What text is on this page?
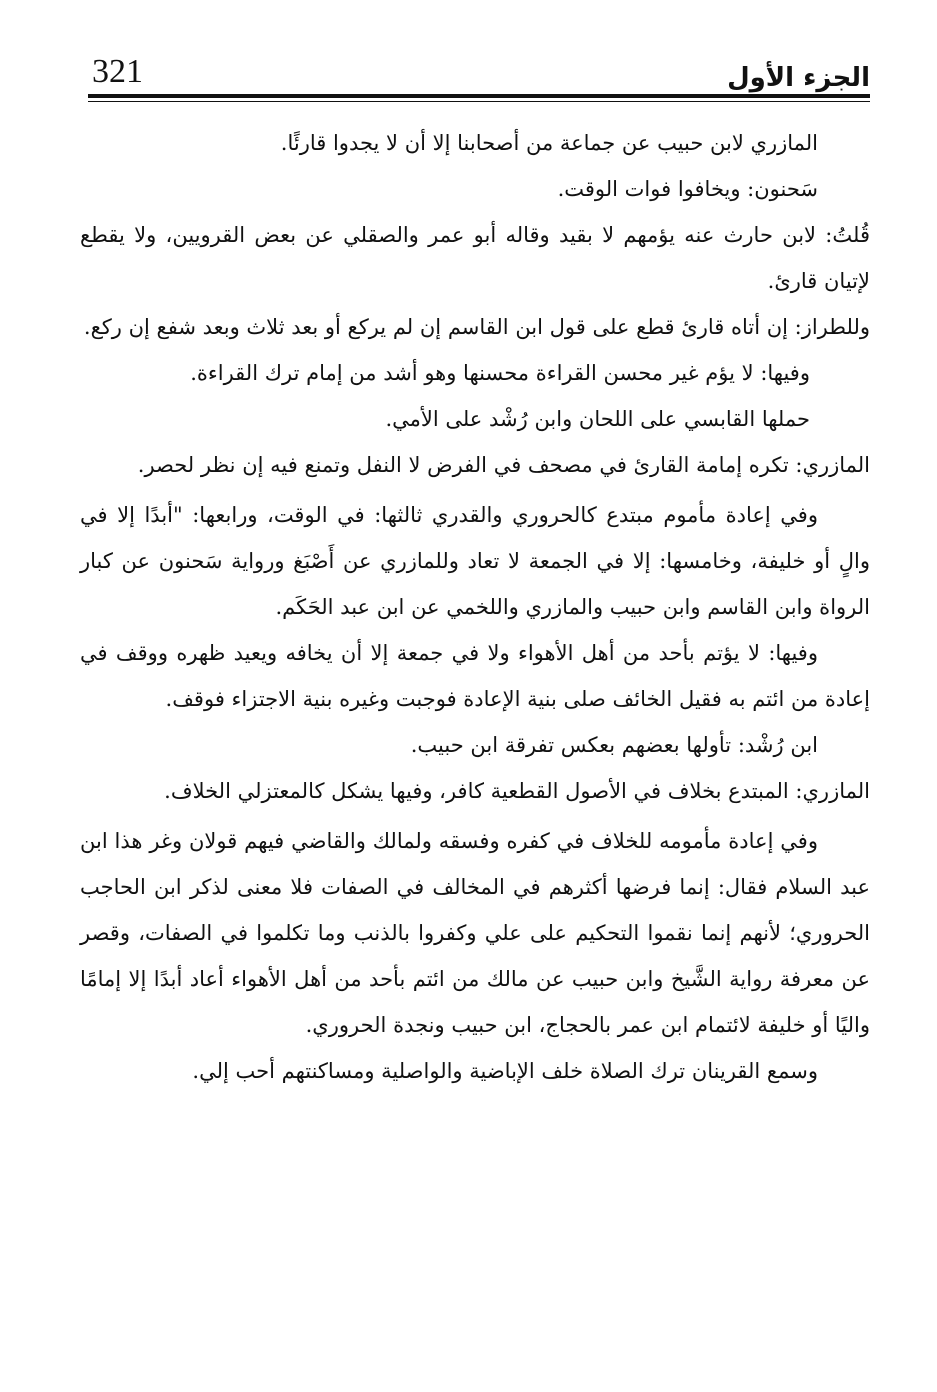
321	الجزء الأول

المازري لابن حبيب عن جماعة من أصحابنا إلا أن لا يجدوا قارئًا.

سَحنون: ويخافوا فوات الوقت.

قُلتُ: لابن حارث عنه يؤمهم لا بقيد وقاله أبو عمر والصقلي عن بعض القرويين، ولا يقطع لإتيان قارئ.

وللطراز: إن أتاه قارئ قطع على قول ابن القاسم إن لم يركع أو بعد ثلاث وبعد شفع إن ركع.

وفيها: لا يؤم غير محسن القراءة محسنها وهو أشد من إمام ترك القراءة.

حملها القابسي على اللحان وابن رُشْد على الأمي.

المازري: تكره إمامة القارئ في مصحف في الفرض لا النفل وتمنع فيه إن نظر لحصر.

وفي إعادة مأموم مبتدع كالحروري والقدري ثالثها: في الوقت، ورابعها: "أبدًا إلا في والٍ أو خليفة، وخامسها: إلا في الجمعة لا تعاد وللمازري عن أَصْبَغ ورواية سَحنون عن كبار الرواة وابن القاسم وابن حبيب والمازري واللخمي عن ابن عبد الحَكَم.

وفيها: لا يؤتم بأحد من أهل الأهواء ولا في جمعة إلا أن يخافه ويعيد ظهره ووقف في إعادة من ائتم به فقيل الخائف صلى بنية الإعادة فوجبت وغيره بنية الاجتزاء فوقف.

ابن رُشْد: تأولها بعضهم بعكس تفرقة ابن حبيب.

المازري: المبتدع بخلاف في الأصول القطعية كافر، وفيها يشكل كالمعتزلي الخلاف.

وفي إعادة مأمومه للخلاف في كفره وفسقه ولمالك والقاضي فيهم قولان وغر هذا ابن عبد السلام فقال: إنما فرضها أكثرهم في المخالف في الصفات فلا معنى لذكر ابن الحاجب الحروري؛ لأنهم إنما نقموا التحكيم على علي وكفروا بالذنب وما تكلموا في الصفات، وقصر عن معرفة رواية الشَّيخ وابن حبيب عن مالك من ائتم بأحد من أهل الأهواء أعاد أبدًا إلا إمامًا واليًا أو خليفة لائتمام ابن عمر بالحجاج، ابن حبيب ونجدة الحروري.

وسمع القرينان ترك الصلاة خلف الإباضية والواصلية ومساكنتهم أحب إلي.
